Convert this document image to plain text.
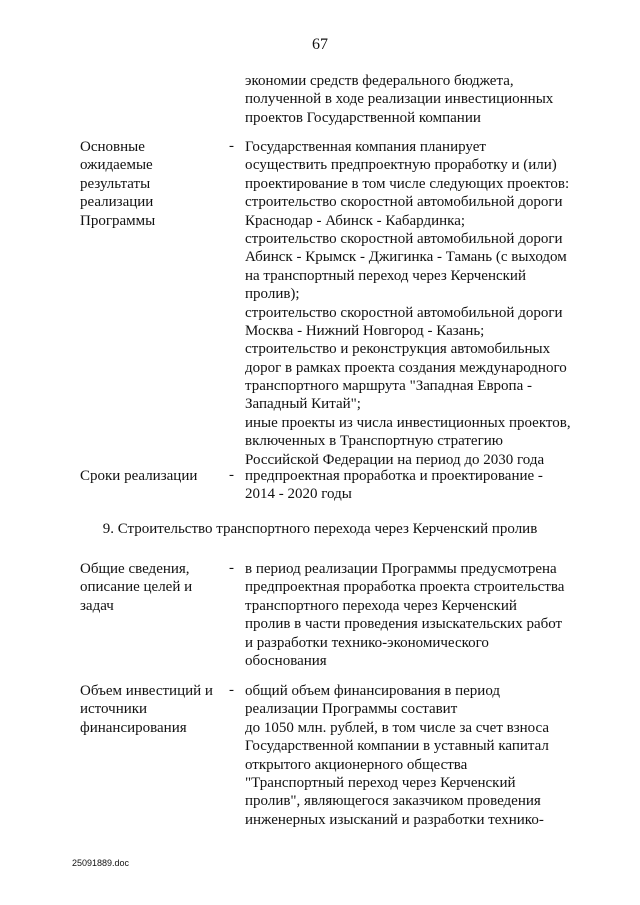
67
экономии средств федерального бюджета,
полученной в ходе реализации инвестиционных
проектов Государственной компании
Основные
ожидаемые
результаты
реализации
Программы
- Государственная компания планирует
осуществить предпроектную проработку и (или)
проектирование в том числе следующих проектов:
строительство скоростной автомобильной дороги
Краснодар - Абинск - Кабардинка;
строительство скоростной автомобильной дороги
Абинск - Крымск - Джигинка - Тамань (с выходом
на транспортный переход через Керченский
пролив);
строительство скоростной автомобильной дороги
Москва - Нижний Новгород - Казань;
строительство и реконструкция автомобильных
дорог в рамках проекта создания международного
транспортного маршрута "Западная Европа -
Западный Китай";
иные проекты из числа инвестиционных проектов,
включенных в Транспортную стратегию
Российской Федерации на период до 2030 года
Сроки реализации - предпроектная проработка и проектирование -
2014 - 2020 годы
9. Строительство транспортного перехода через Керченский пролив
Общие сведения,
описание целей и
задач
- в период реализации Программы предусмотрена
предпроектная проработка проекта строительства
транспортного перехода через Керченский
пролив в части проведения изыскательских работ
и разработки технико-экономического
обоснования
Объем инвестиций и
источники
финансирования
- общий объем финансирования в период
реализации Программы составит
до 1050 млн. рублей, в том числе за счет взноса
Государственной компании в уставный капитал
открытого акционерного общества
"Транспортный переход через Керченский
пролив", являющегося заказчиком проведения
инженерных изысканий и разработки технико-
25091889.doc
